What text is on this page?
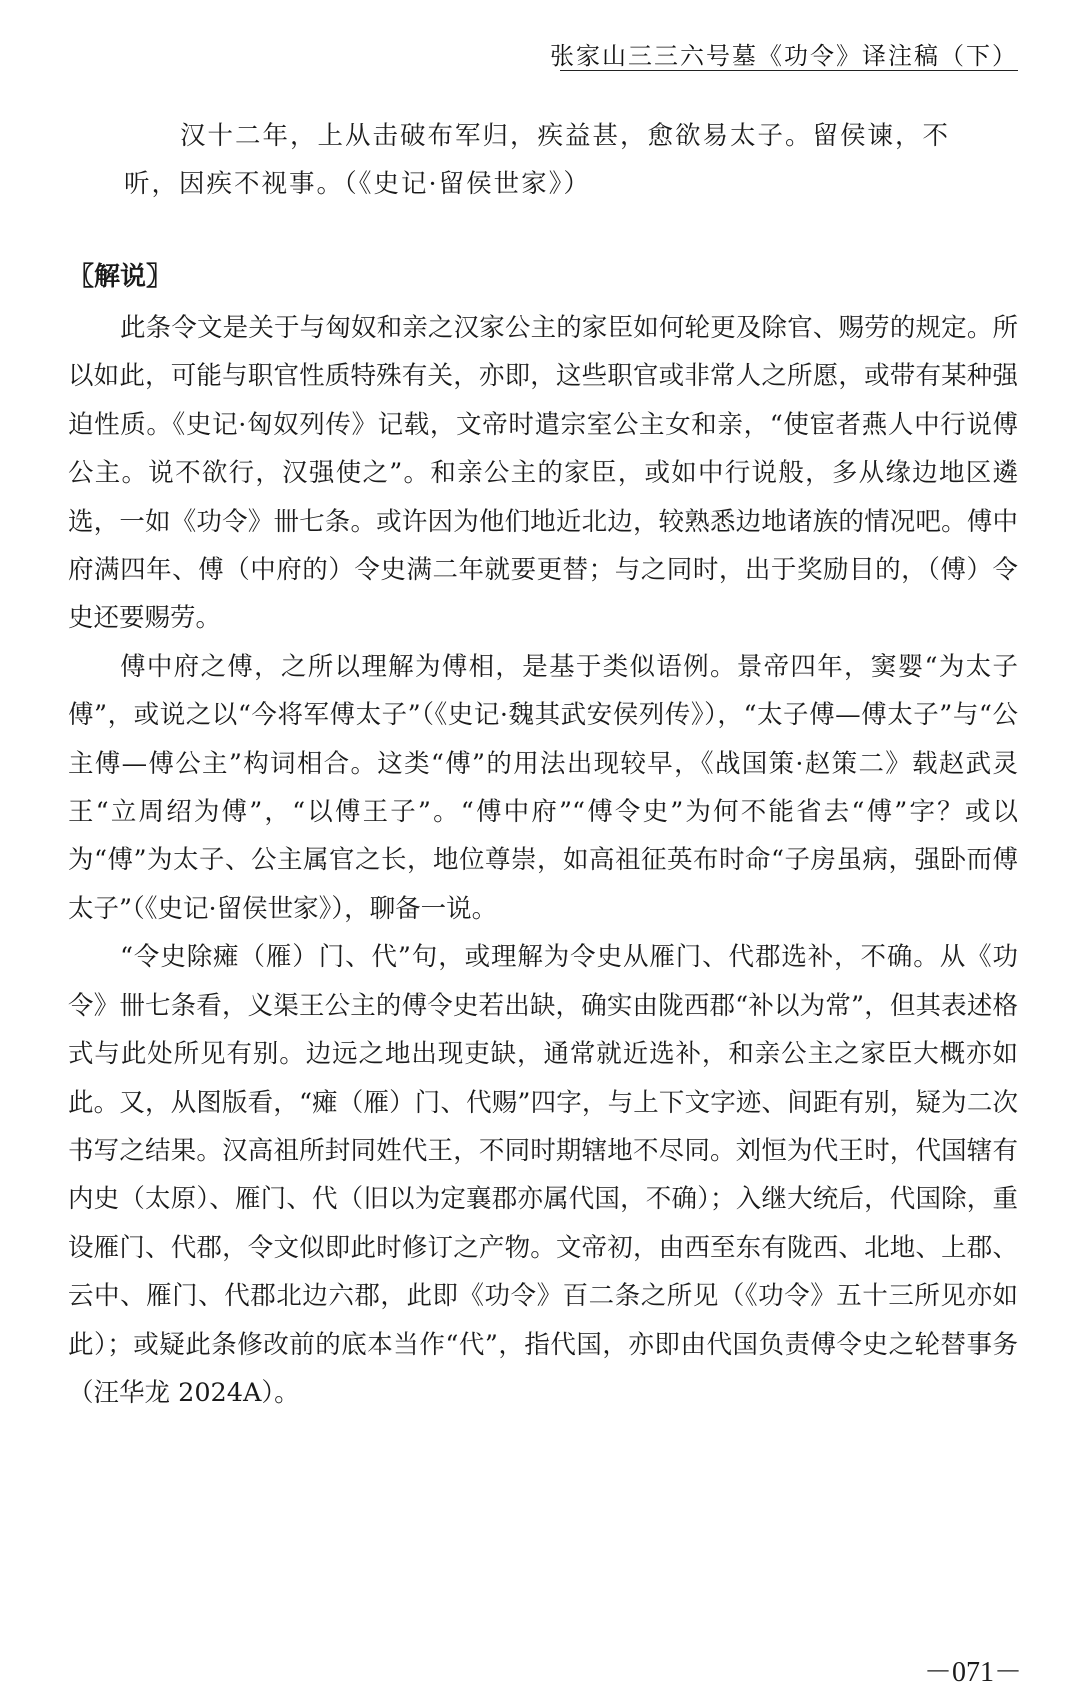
张家山三三六号墓《功令》译注稿（下）

汉十二年，上从击破布军归，疾益甚，愈欲易太子。留侯谏，不

听，因疾不视事。（《史记·留侯世家》）

〖解说〗

此条令文是关于与匈奴和亲之汉家公主的家臣如何轮更及除官、赐劳的规定。所以如此，可能与职官性质特殊有关，亦即，这些职官或非常人之所愿，或带有某种强迫性质。《史记·匈奴列传》记载，文帝时遣宗室公主女和亲，“使宦者燕人中行说傅公主。说不欲行，汉强使之”。和亲公主的家臣，或如中行说般，多从缘边地区遴选，一如《功令》卌七条。或许因为他们地近北边，较熟悉边地诸族的情况吧。傅中府满四年、傅（中府的）令史满二年就要更替；与之同时，出于奖励目的，（傅）令史还要赐劳。

傅中府之傅，之所以理解为傅相，是基于类似语例。景帝四年，窦婴“为太子傅”，或说之以“今将军傅太子”（《史记·魏其武安侯列传》），“太子傅—傅太子”与“公主傅—傅公主”构词相合。这类“傅”的用法出现较早，《战国策·赵策二》载赵武灵王“立周绍为傅”，“以傅王子”。“傅中府”“傅令史”为何不能省去“傅”字？或以为“傅”为太子、公主属官之长，地位尊崇，如高祖征英布时命“子房虽病，强卧而傅太子”（《史记·留侯世家》），聊备一说。

“令史除瘫（雁）门、代”句，或理解为令史从雁门、代郡选补，不确。从《功令》卌七条看，义渠王公主的傅令史若出缺，确实由陇西郡“补以为常”，但其表述格式与此处所见有别。边远之地出现吏缺，通常就近选补，和亲公主之家臣大概亦如此。又，从图版看，“瘫（雁）门、代赐”四字，与上下文字迹、间距有别，疑为二次书写之结果。汉高祖所封同姓代王，不同时期辖地不尽同。刘恒为代王时，代国辖有内史（太原）、雁门、代（旧以为定襄郡亦属代国，不确）；入继大统后，代国除，重设雁门、代郡，令文似即此时修订之产物。文帝初，由西至东有陇西、北地、上郡、云中、雁门、代郡北边六郡，此即《功令》百二条之所见（《功令》五十三所见亦如此）；或疑此条修改前的底本当作“代”，指代国，亦即由代国负责傅令史之轮替事务（汪华龙 2024A）。

－071－
